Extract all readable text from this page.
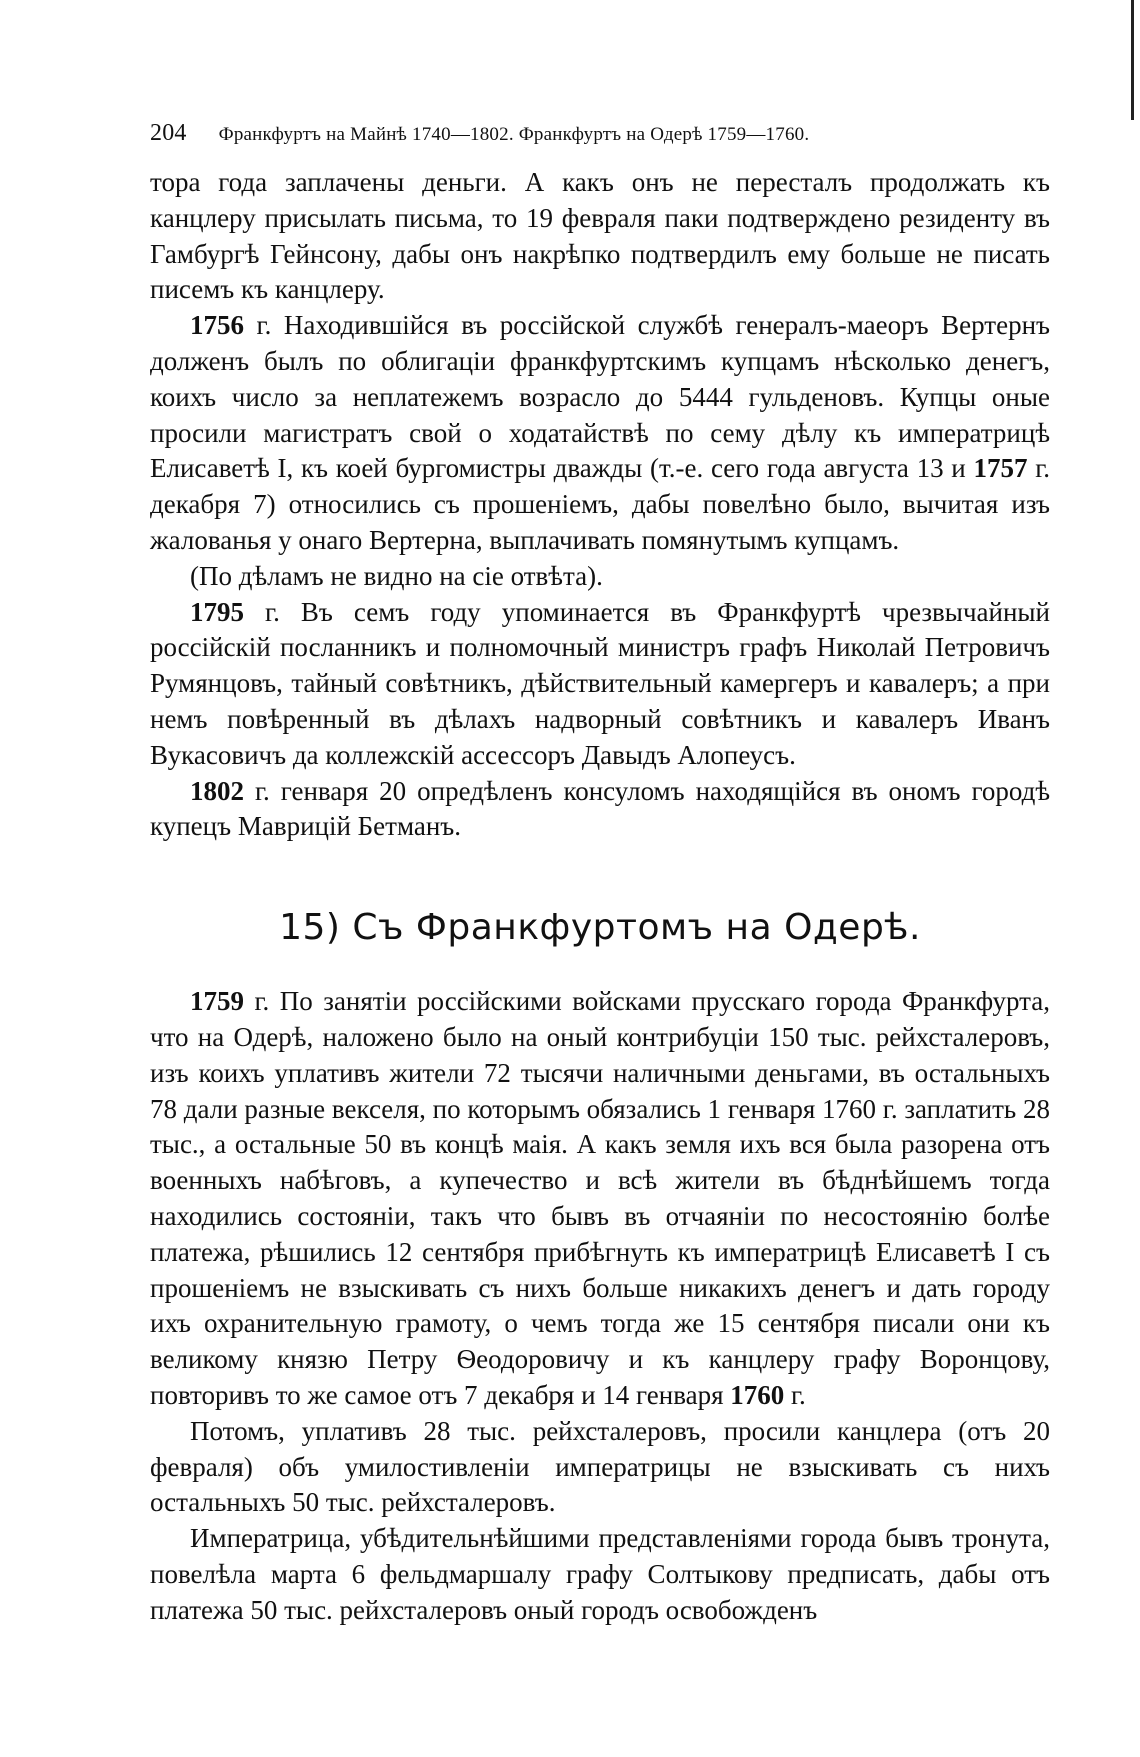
204 Франкфуртъ на Майнѣ 1740—1802. Франкфуртъ на Одерѣ 1759—1760.

тора года заплачены деньги. А какъ онъ не пересталъ продолжать къ канцлеру присылать письма, то 19 февраля паки подтверждено резиденту въ Гамбургѣ Гейнсону, дабы онъ накрѣпко подтвердилъ ему больше не писать писемъ къ канцлеру.

1756 г. Находившійся въ россійской службѣ генералъ-маеоръ Вертернъ долженъ былъ по облигаціи франкфуртскимъ купцамъ нѣсколько денегъ, коихъ число за неплатежемъ возрасло до 5444 гульденовъ. Купцы оные просили магистратъ свой о ходатайствѣ по сему дѣлу къ императрицѣ Елисаветѣ I, къ коей бургомистры дважды (т.-е. сего года августа 13 и 1757 г. декабря 7) относились съ прошеніемъ, дабы повелѣно было, вычитая изъ жалованья у онаго Вертерна, выплачивать помянутымъ купцамъ.

(По дѣламъ не видно на сіе отвѣта).

1795 г. Въ семъ году упоминается въ Франкфуртѣ чрезвычайный россійскій посланникъ и полномочный министръ графъ Николай Петровичъ Румянцовъ, тайный совѣтникъ, дѣйствительный камергеръ и кавалеръ; а при немъ повѣренный въ дѣлахъ надворный совѣтникъ и кавалеръ Иванъ Вукасовичъ да коллежскій ассессоръ Давыдъ Алопеусъ.

1802 г. генваря 20 опредѣленъ консуломъ находящійся въ ономъ городѣ купецъ Маврицій Бетманъ.

15) Съ Франкфуртомъ на Одерѣ.

1759 г. По занятіи россійскими войсками прусскаго города Франкфурта, что на Одерѣ, наложено было на оный контрибуціи 150 тыс. рейхсталеровъ, изъ коихъ уплативъ жители 72 тысячи наличными деньгами, въ остальныхъ 78 дали разные векселя, по которымъ обязались 1 генваря 1760 г. заплатить 28 тыс., а остальные 50 въ концѣ маія. А какъ земля ихъ вся была разорена отъ военныхъ набѣговъ, а купечество и всѣ жители въ бѣднѣйшемъ тогда находились состояніи, такъ что бывъ въ отчаяніи по несостоянію болѣе платежа, рѣшились 12 сентября прибѣгнуть къ императрицѣ Елисаветѣ I съ прошеніемъ не взыскивать съ нихъ больше никакихъ денегъ и дать городу ихъ охранительную грамоту, о чемъ тогда же 15 сентября писали они къ великому князю Петру Ѳеодоровичу и къ канцлеру графу Воронцову, повторивъ то же самое отъ 7 декабря и 14 генваря 1760 г.

Потомъ, уплативъ 28 тыс. рейхсталеровъ, просили канцлера (отъ 20 февраля) объ умилостивленіи императрицы не взыскивать съ нихъ остальныхъ 50 тыс. рейхсталеровъ.

Императрица, убѣдительнѣйшими представленіями города бывъ тронута, повелѣла марта 6 фельдмаршалу графу Солтыкову предписать, дабы отъ платежа 50 тыс. рейхсталеровъ оный городъ освобожденъ
